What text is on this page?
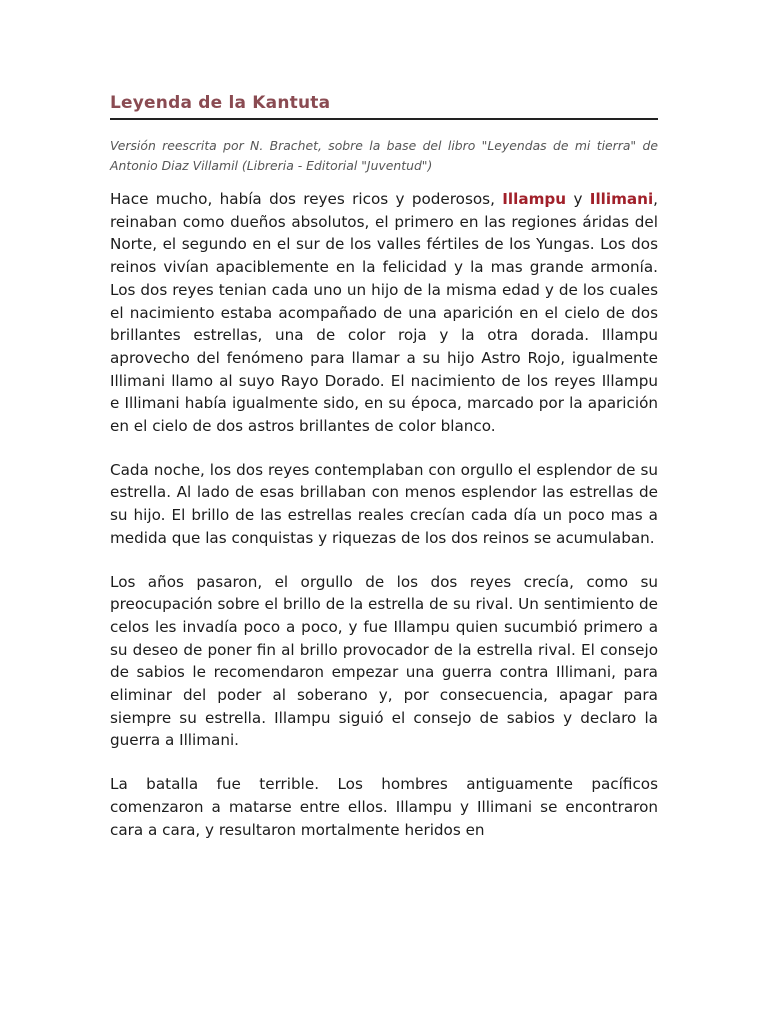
Leyenda de la Kantuta

Versión reescrita por N. Brachet, sobre la base del libro "Leyendas de mi tierra" de Antonio Diaz Villamil (Libreria - Editorial "Juventud")

Hace mucho, había dos reyes ricos y poderosos, Illampu y Illimani, reinaban como dueños absolutos, el primero en las regiones áridas del Norte, el segundo en el sur de los valles fértiles de los Yungas. Los dos reinos vivían apaciblemente en la felicidad y la mas grande armonía. Los dos reyes tenian cada uno un hijo de la misma edad y de los cuales el nacimiento estaba acompañado de una aparición en el cielo de dos brillantes estrellas, una de color roja y la otra dorada. Illampu aprovecho del fenómeno para llamar a su hijo Astro Rojo, igualmente Illimani llamo al suyo Rayo Dorado. El nacimiento de los reyes Illampu e Illimani había igualmente sido, en su época, marcado por la aparición en el cielo de dos astros brillantes de color blanco.

Cada noche, los dos reyes contemplaban con orgullo el esplendor de su estrella. Al lado de esas brillaban con menos esplendor las estrellas de su hijo. El brillo de las estrellas reales crecían cada día un poco mas a medida que las conquistas y riquezas de los dos reinos se acumulaban.

Los años pasaron, el orgullo de los dos reyes crecía, como su preocupación sobre el brillo de la estrella de su rival. Un sentimiento de celos les invadía poco a poco, y fue Illampu quien sucumbió primero a su deseo de poner fin al brillo provocador de la estrella rival. El consejo de sabios le recomendaron empezar una guerra contra Illimani, para eliminar del poder al soberano y, por consecuencia, apagar para siempre su estrella. Illampu siguió el consejo de sabios y declaro la guerra a Illimani.

La batalla fue terrible. Los hombres antiguamente pacíficos comenzaron a matarse entre ellos. Illampu y Illimani se encontraron cara a cara, y resultaron mortalmente heridos en
